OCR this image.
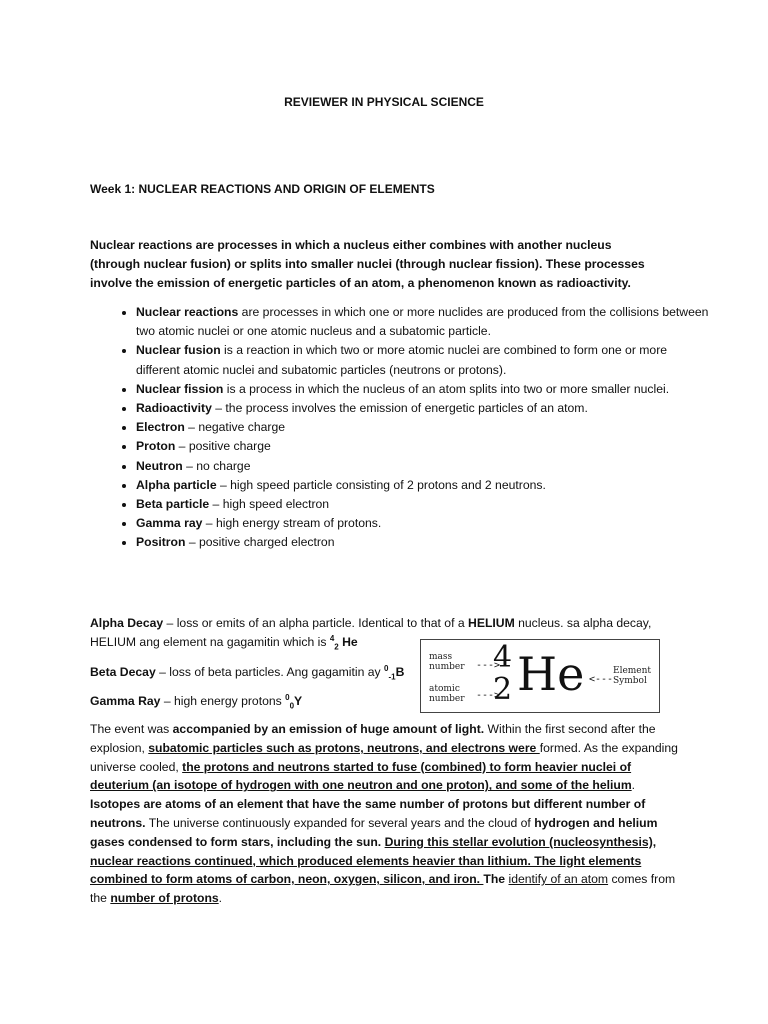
REVIEWER IN PHYSICAL SCIENCE
Week 1: NUCLEAR REACTIONS AND ORIGIN OF ELEMENTS
Nuclear reactions are processes in which a nucleus either combines with another nucleus (through nuclear fusion) or splits into smaller nuclei (through nuclear fission). These processes involve the emission of energetic particles of an atom, a phenomenon known as radioactivity.
• Nuclear reactions are processes in which one or more nuclides are produced from the collisions between two atomic nuclei or one atomic nucleus and a subatomic particle.
• Nuclear fusion is a reaction in which two or more atomic nuclei are combined to form one or more different atomic nuclei and subatomic particles (neutrons or protons).
• Nuclear fission is a process in which the nucleus of an atom splits into two or more smaller nuclei.
• Radioactivity – the process involves the emission of energetic particles of an atom.
• Electron – negative charge
• Proton – positive charge
• Neutron – no charge
• Alpha particle – high speed particle consisting of 2 protons and 2 neutrons.
• Beta particle – high speed electron
• Gamma ray – high energy stream of protons.
• Positron – positive charged electron
Alpha Decay – loss or emits of an alpha particle. Identical to that of a HELIUM nucleus. sa alpha decay, HELIUM ang element na gagamitin which is $^4_2$ He
Beta Decay – loss of beta particles. Ang gagamitin ay $^0_{-1}$B
Gamma Ray – high energy protons $^0_0$Y
mass
number --->
4
atomic
number --->
2 He <---
Element
Symbol
The event was accompanied by an emission of huge amount of light. Within the first second after the explosion, subatomic particles such as protons, neutrons, and electrons were formed. As the expanding universe cooled, the protons and neutrons started to fuse (combined) to form heavier nuclei of deuterium (an isotope of hydrogen with one neutron and one proton), and some of the helium. Isotopes are atoms of an element that have the same number of protons but different number of neutrons. The universe continuously expanded for several years and the cloud of hydrogen and helium gases condensed to form stars, including the sun. During this stellar evolution (nucleosynthesis), nuclear reactions continued, which produced elements heavier than lithium. The light elements combined to form atoms of carbon, neon, oxygen, silicon, and iron. The identify of an atom comes from the number of protons.
